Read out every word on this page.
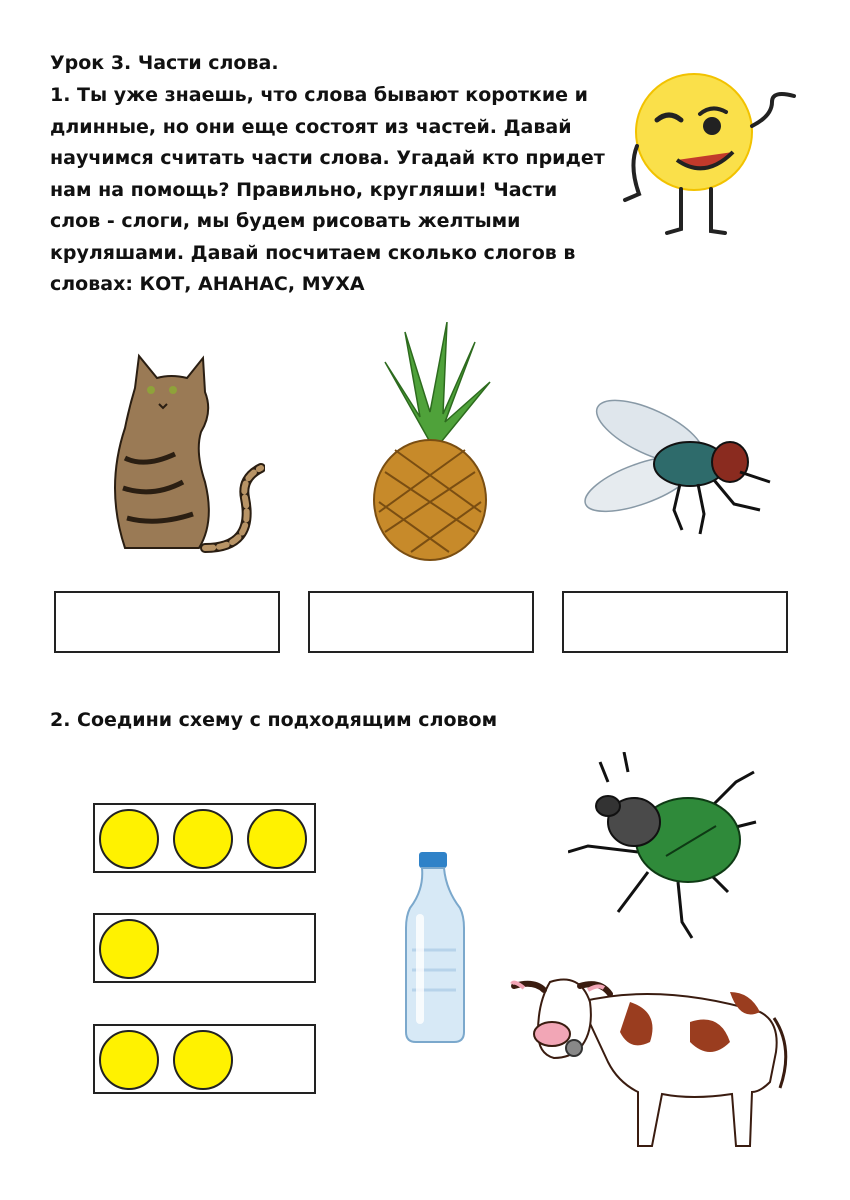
Урок 3. Части слова.
1. Ты уже знаешь, что слова бывают короткие и длинные, но они еще состоят из частей. Давай научимся считать части слова. Угадай кто придет нам на помощь? Правильно, кругляши! Части слов - слоги, мы будем рисовать желтыми круляшами. Давай посчитаем сколько слогов в словах: КОТ, АНАНАС, МУХА
2. Соедини схему с подходящим словом
